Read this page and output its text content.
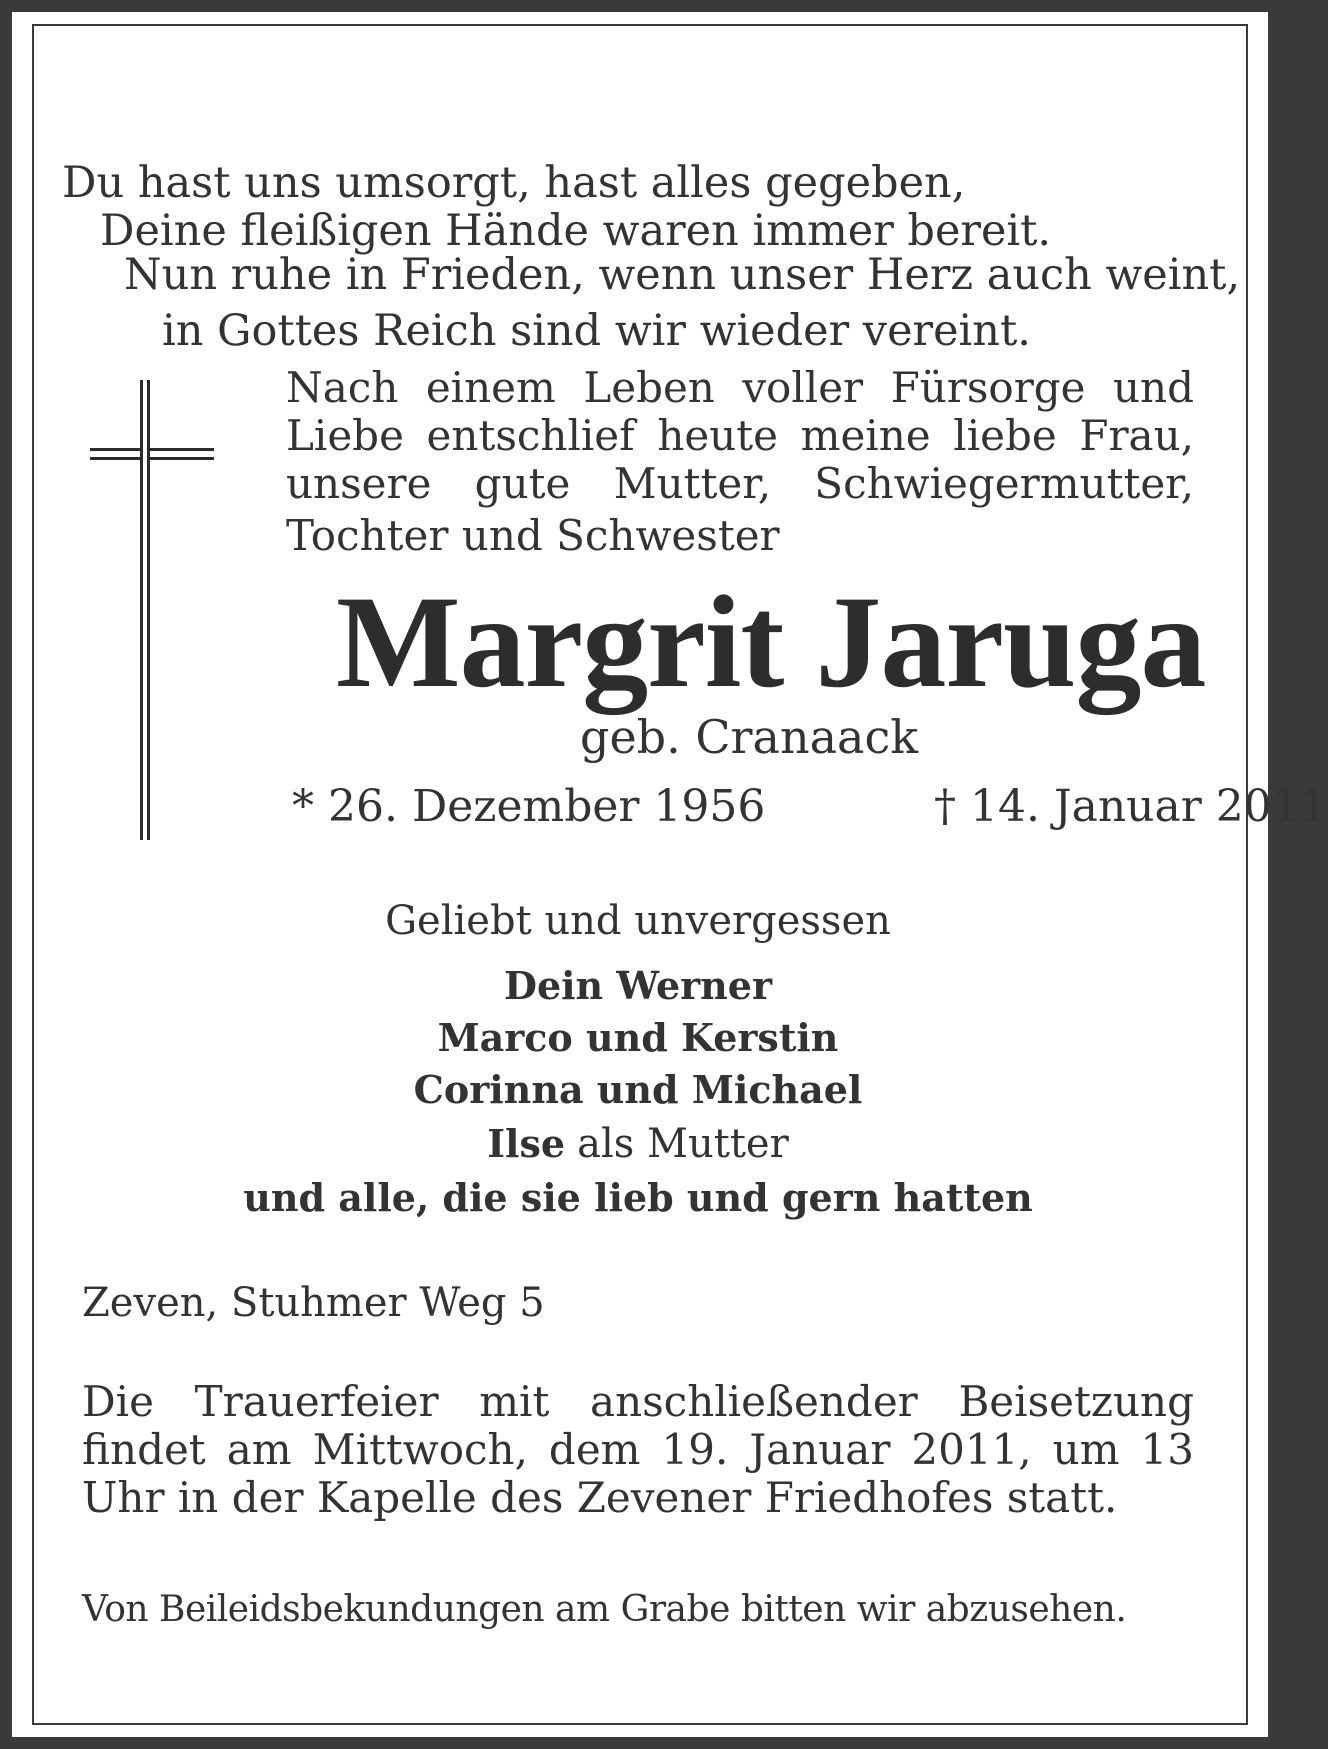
Du hast uns umsorgt, hast alles gegeben,
Deine fleißigen Hände waren immer bereit.
Nun ruhe in Frieden, wenn unser Herz auch weint,
in Gottes Reich sind wir wieder vereint.
Nach einem Leben voller Fürsorge und
Liebe entschlief heute meine liebe Frau,
unsere gute Mutter, Schwiegermutter,
Tochter und Schwester
Margrit Jaruga
geb. Cranaack
* 26. Dezember 1956	† 14. Januar 2011
Geliebt und unvergessen
Dein Werner
Marco und Kerstin
Corinna und Michael
Ilse als Mutter
und alle, die sie lieb und gern hatten
Zeven, Stuhmer Weg 5
Die Trauerfeier mit anschließender Beisetzung
findet am Mittwoch, dem 19. Januar 2011, um 13
Uhr in der Kapelle des Zevener Friedhofes statt.
Von Beileidsbekundungen am Grabe bitten wir abzusehen.
